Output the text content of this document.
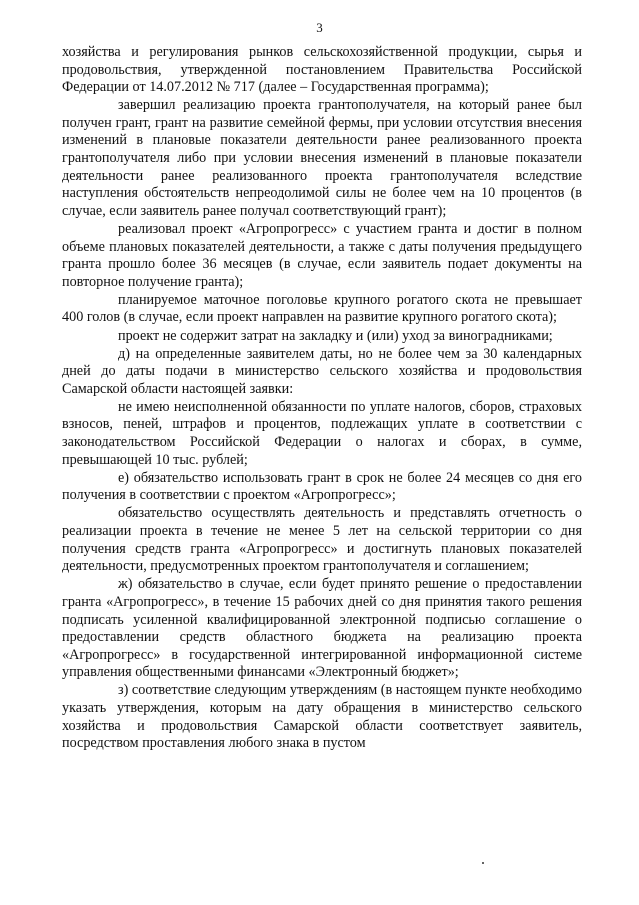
3

хозяйства и регулирования рынков сельскохозяйственной продукции, сырья и продовольствия, утвержденной постановлением Правительства Российской Федерации от 14.07.2012 № 717 (далее – Государственная программа);

завершил реализацию проекта грантополучателя, на который ранее был получен грант, грант на развитие семейной фермы, при условии отсутствия внесения изменений в плановые показатели деятельности ранее реализованного проекта грантополучателя либо при условии внесения изменений в плановые показатели деятельности ранее реализованного проекта грантополучателя вследствие наступления обстоятельств непреодолимой силы не более чем на 10 процентов (в случае, если заявитель ранее получал соответствующий грант);

реализовал проект «Агропрогресс» с участием гранта и достиг в полном объеме плановых показателей деятельности, а также с даты получения предыдущего гранта прошло более 36 месяцев (в случае, если заявитель подает документы на повторное получение гранта);

планируемое маточное поголовье крупного рогатого скота не превышает 400 голов (в случае, если проект направлен на развитие крупного рогатого скота);

проект не содержит затрат на закладку и (или) уход за виноградниками;

д) на определенные заявителем даты, но не более чем за 30 календарных дней до даты подачи в министерство сельского хозяйства и продовольствия Самарской области настоящей заявки:

не имею неисполненной обязанности по уплате налогов, сборов, страховых взносов, пеней, штрафов и процентов, подлежащих уплате в соответствии с законодательством Российской Федерации о налогах и сборах, в сумме, превышающей 10 тыс. рублей;

е) обязательство использовать грант в срок не более 24 месяцев со дня его получения в соответствии с проектом «Агропрогресс»;

обязательство осуществлять деятельность и представлять отчетность о реализации проекта в течение не менее 5 лет на сельской территории со дня получения средств гранта «Агропрогресс» и достигнуть плановых показателей деятельности, предусмотренных проектом грантополучателя и соглашением;

ж) обязательство в случае, если будет принято решение о предоставлении гранта «Агропрогресс», в течение 15 рабочих дней со дня принятия такого решения подписать усиленной квалифицированной электронной подписью соглашение о предоставлении средств областного бюджета на реализацию проекта «Агропрогресс» в государственной интегрированной информационной системе управления общественными финансами «Электронный бюджет»;

з) соответствие следующим утверждениям (в настоящем пункте необходимо указать утверждения, которым на дату обращения в министерство сельского хозяйства и продовольствия Самарской области соответствует заявитель, посредством проставления любого знака в пустом
